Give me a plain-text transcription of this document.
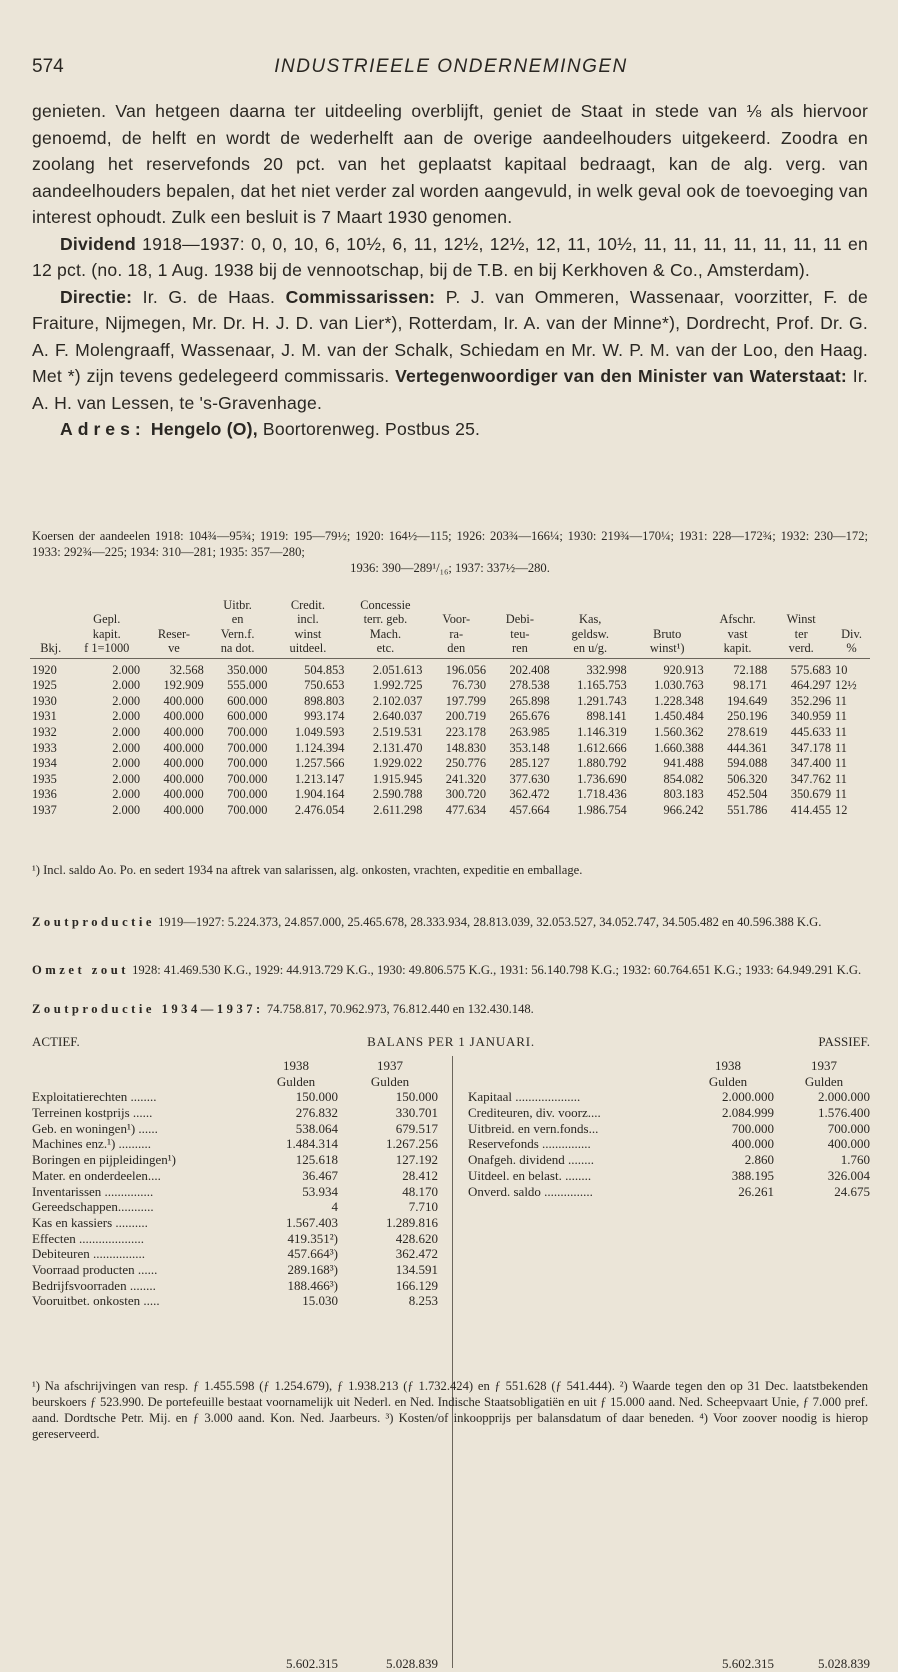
574	INDUSTRIEELE ONDERNEMINGEN

genieten. Van hetgeen daarna ter uitdeeling overblijft, geniet de Staat in stede van ⅛ als hiervoor genoemd, de helft en wordt de wederhelft aan de overige aandeelhouders uitgekeerd. Zoodra en zoolang het reservefonds 20 pct. van het geplaatst kapitaal bedraagt, kan de alg. verg. van aandeelhouders bepalen, dat het niet verder zal worden aangevuld, in welk geval ook de toevoeging van interest ophoudt. Zulk een besluit is 7 Maart 1930 genomen.

Dividend 1918—1937: 0, 0, 10, 6, 10½, 6, 11, 12½, 12½, 12, 11, 10½, 11, 11, 11, 11, 11, 11, 11 en 12 pct. (no. 18, 1 Aug. 1938 bij de vennootschap, bij de T.B. en bij Kerkhoven & Co., Amsterdam).

Directie: Ir. G. de Haas. Commissarissen: P. J. van Ommeren, Wassenaar, voorzitter, F. de Fraiture, Nijmegen, Mr. Dr. H. J. D. van Lier*), Rotterdam, Ir. A. van der Minne*), Dordrecht, Prof. Dr. G. A. F. Molengraaff, Wassenaar, J. M. van der Schalk, Schiedam en Mr. W. P. M. van der Loo, den Haag. Met *) zijn tevens gedelegeerd commissaris. Vertegenwoordiger van den Minister van Waterstaat: Ir. A. H. van Lessen, te 's-Gravenhage.

Adres: Hengelo (O), Boortorenweg. Postbus 25.

Koersen der aandeelen 1918: 104¾—95¾; 1919: 195—79½; 1920: 164½—115; 1926: 203¾—166¼; 1930: 219¾—170¼; 1931: 228—172¾; 1932: 230—172; 1933: 292¾—225; 1934: 310—281; 1935: 357—280;
1936: 390—289¹/₁₆; 1937: 337½—280.
			Uitbr.	Credit.	Concessie							
	Gepl.		en	incl.	terr. geb.	Voor-	Debi-	Kas,		Afschr.	Winst	
	kapit.	Reser-	Vern.f.	winst	Mach.	ra-	teu-	geldsw.	Bruto	vast	ter	Div.
Bkj.	f 1=1000	ve	na dot.	uitdeel.	etc.	den	ren	en u/g.	winst¹)	kapit.	verd.	%
1920	2.000	32.568	350.000	504.853	2.051.613	196.056	202.408	332.998	920.913	72.188	575.683	10
1925	2.000	192.909	555.000	750.653	1.992.725	76.730	278.538	1.165.753	1.030.763	98.171	464.297	12½
1930	2.000	400.000	600.000	898.803	2.102.037	197.799	265.898	1.291.743	1.228.348	194.649	352.296	11
1931	2.000	400.000	600.000	993.174	2.640.037	200.719	265.676	898.141	1.450.484	250.196	340.959	11
1932	2.000	400.000	700.000	1.049.593	2.519.531	223.178	263.985	1.146.319	1.560.362	278.619	445.633	11
1933	2.000	400.000	700.000	1.124.394	2.131.470	148.830	353.148	1.612.666	1.660.388	444.361	347.178	11
1934	2.000	400.000	700.000	1.257.566	1.929.022	250.776	285.127	1.880.792	941.488	594.088	347.400	11
1935	2.000	400.000	700.000	1.213.147	1.915.945	241.320	377.630	1.736.690	854.082	506.320	347.762	11
1936	2.000	400.000	700.000	1.904.164	2.590.788	300.720	362.472	1.718.436	803.183	452.504	350.679	11
1937	2.000	400.000	700.000	2.476.054	2.611.298	477.634	457.664	1.986.754	966.242	551.786	414.455	12
¹) Incl. saldo Ao. Po. en sedert 1934 na aftrek van salarissen, alg. onkosten, vrachten, expeditie en emballage.
Zoutproductie 1919—1927: 5.224.373, 24.857.000, 25.465.678, 28.333.934, 28.813.039, 32.053.527, 34.052.747, 34.505.482 en 40.596.388 K.G.
Omzet zout 1928: 41.469.530 K.G., 1929: 44.913.729 K.G., 1930: 49.806.575 K.G., 1931: 56.140.798 K.G.; 1932: 60.764.651 K.G.; 1933: 64.949.291 K.G.
Zoutproductie 1934—1937: 74.758.817, 70.962.973, 76.812.440 en 132.430.148.
ACTIEF.	BALANS PER 1 JANUARI.	PASSIEF.
1938	1937
Gulden	Gulden
Exploitatierechten ........	150.000	150.000
Terreinen kostprijs ......	276.832	330.701
Geb. en woningen¹) ......	538.064	679.517
Machines enz.¹) ..........	1.484.314	1.267.256
Boringen en pijpleidingen¹)	125.618	127.192
Mater. en onderdeelen....	36.467	28.412
Inventarissen ...............	53.934	48.170
Gereedschappen...........	4	7.710
Kas en kassiers ..........	1.567.403	1.289.816
Effecten ....................	419.351²)	428.620
Debiteuren ................	457.664³)	362.472
Voorraad producten ......	289.168³)	134.591
Bedrijfsvoorraden ........	188.466³)	166.129
Vooruitbet. onkosten .....	15.030	8.253
1938	1937
Gulden	Gulden
Kapitaal ....................	2.000.000	2.000.000
Crediteuren, div. voorz....	2.084.999	1.576.400
Uitbreid. en vern.fonds...	700.000	700.000
Reservefonds ...............	400.000	400.000
Onafgeh. dividend ........	2.860	1.760
Uitdeel. en belast. ........	388.195	326.004
Onverd. saldo ...............	26.261	24.675
5.602.315	5.028.839	5.602.315	5.028.839
¹) Na afschrijvingen van resp. ƒ 1.455.598 (ƒ 1.254.679), ƒ 1.938.213 (ƒ 1.732.424) en ƒ 551.628 (ƒ 541.444). ²) Waarde tegen den op 31 Dec. laatstbekenden beurskoers ƒ 523.990. De portefeuille bestaat voornamelijk uit Nederl. en Ned. Indische Staatsobligatiën en uit ƒ 15.000 aand. Ned. Scheepvaart Unie, ƒ 7.000 pref. aand. Dordtsche Petr. Mij. en ƒ 3.000 aand. Kon. Ned. Jaarbeurs. ³) Kosten/of inkoopprijs per balansdatum of daar beneden. ⁴) Voor zoover noodig is hierop gereserveerd.
